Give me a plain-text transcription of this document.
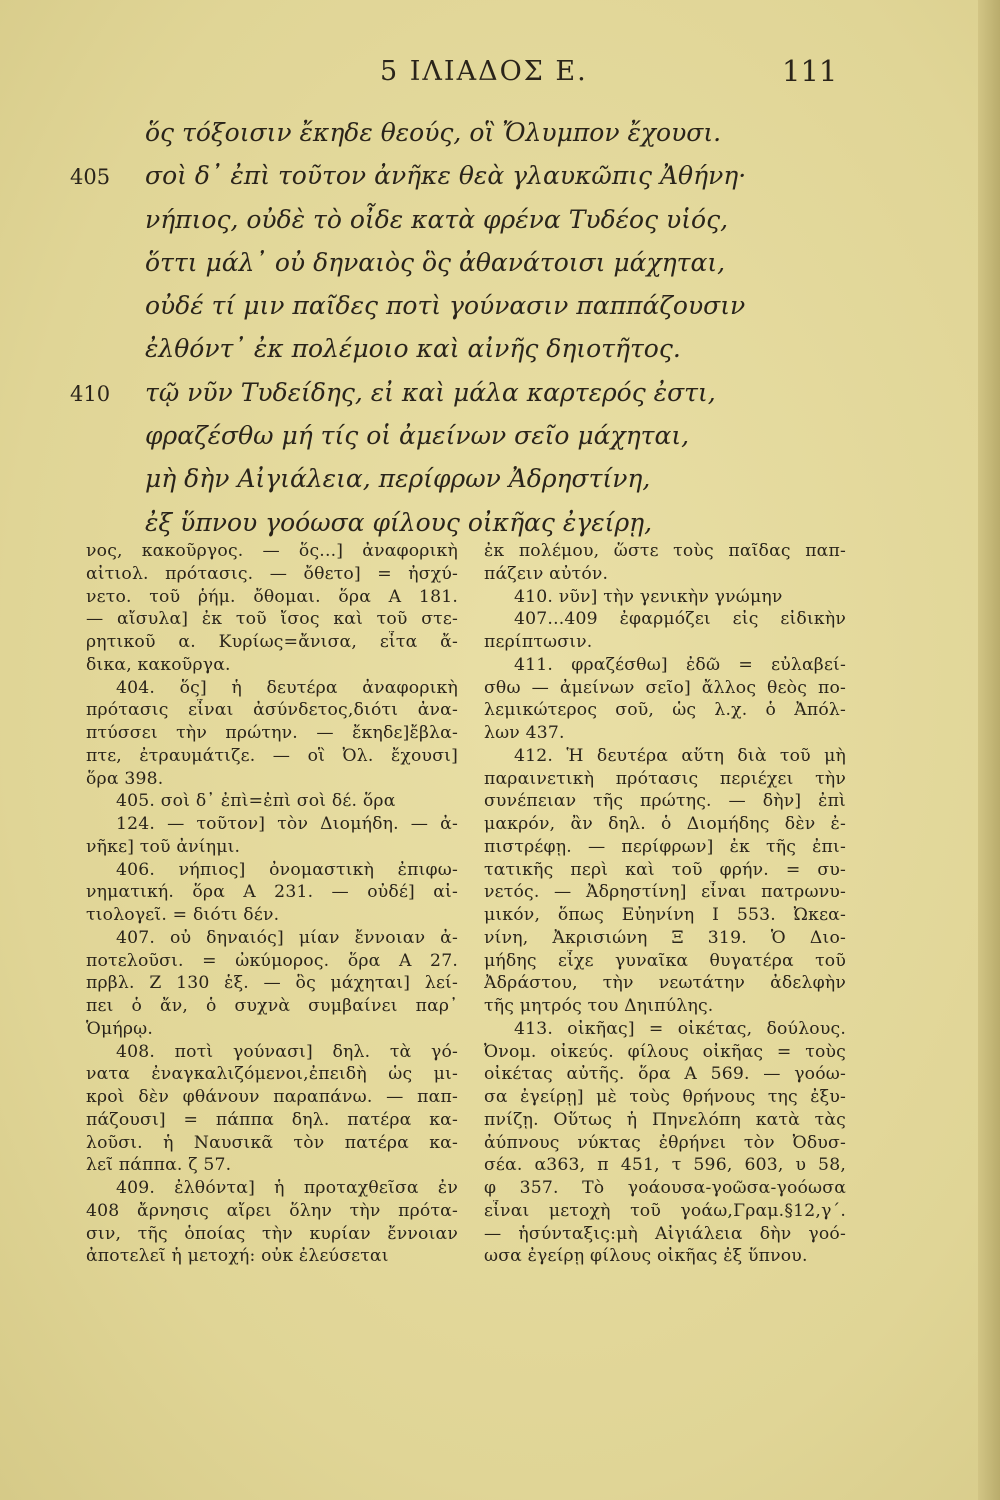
5 ΙΛΙΑΔΟΣ Ε.	111
ὅς τόξοισιν ἔκηδε θεούς, οἳ Ὄλυμπον ἔχουσι.
405	σοὶ δ᾽ ἐπὶ τοῦτον ἀνῆκε θεὰ γλαυκῶπις Ἀθήνη·
νήπιος, οὐδὲ τὸ οἶδε κατὰ φρένα Τυδέος υἱός,
ὅττι μάλ᾽ οὐ δηναιὸς ὃς ἀθανάτοισι μάχηται,
οὐδέ τί μιν παῖδες ποτὶ γούνασιν παππάζουσιν
ἐλθόντ᾽ ἐκ πολέμοιο καὶ αἰνῆς δηιοτῆτος.
410	τῷ νῦν Τυδείδης, εἰ καὶ μάλα καρτερός ἐστι,
φραζέσθω μή τίς οἱ ἀμείνων σεῖο μάχηται,
μὴ δὴν Αἰγιάλεια, περίφρων Ἀδρηστίνη,
ἐξ ὕπνου γοόωσα φίλους οἰκῆας ἐγείρῃ,
νος, κακοῦργος. — ὅς...] ἀναφορικὴ
αἰτιολ. πρότασις. — ὄθετο] = ἠσχύ-
νετο. τοῦ ῥήμ. ὄθομαι. ὅρα Α 181.
— αἴσυλα] ἐκ τοῦ ἴσος καὶ τοῦ στε-
ρητικοῦ α. Κυρίως=ἄνισα, εἶτα ἄ-
δικα, κακοῦργα.
404. ὅς] ἡ δευτέρα ἀναφορικὴ
πρότασις εἶναι ἀσύνδετος,διότι ἀνα-
πτύσσει τὴν πρώτην. — ἔκηδε]ἔβλα-
πτε, ἐτραυμάτιζε. — οἳ Ὀλ. ἔχουσι]
ὅρα 398.
405. σοὶ δ᾽ ἐπὶ=ἐπὶ σοὶ δέ. ὅρα
124. — τοῦτον] τὸν Διομήδη. — ἀ-
νῆκε] τοῦ ἀνίημι.
406. νήπιος] ὀνομαστικὴ ἐπιφω-
νηματική. ὅρα Α 231. — οὐδέ] αἰ-
τιολογεῖ. = διότι δέν.
407. οὐ δηναιός] μίαν ἔννοιαν ἀ-
ποτελοῦσι. = ὠκύμορος. ὅρα Α 27.
πρβλ. Ζ 130 ἑξ. — ὃς μάχηται] λεί-
πει ὁ ἄν, ὁ συχνὰ συμβαίνει παρ᾽
Ὁμήρῳ.
408. ποτὶ γούνασι] δηλ. τὰ γό-
νατα ἐναγκαλιζόμενοι,ἐπειδὴ ὡς μι-
κροὶ δὲν φθάνουν παραπάνω. — παπ-
πάζουσι] = πάππα δηλ. πατέρα κα-
λοῦσι. ἡ Ναυσικᾶ τὸν πατέρα κα-
λεῖ πάππα. ζ 57.
409. ἐλθόντα] ἡ προταχθεῖσα ἐν
408 ἄρνησις αἴρει ὅλην τὴν πρότα-
σιν, τῆς ὁποίας τὴν κυρίαν ἔννοιαν
ἀποτελεῖ ἡ μετοχή: οὐκ ἐλεύσεται
ἐκ πολέμου, ὥστε τοὺς παῖδας παπ-
πάζειν αὐτόν.
410. νῦν] τὴν γενικὴν γνώμην
407...409 ἐφαρμόζει εἰς εἰδικὴν
περίπτωσιν.
411. φραζέσθω] ἐδῶ = εὐλαβεί-
σθω — ἀμείνων σεῖο] ἄλλος θεὸς πο-
λεμικώτερος σοῦ, ὡς λ.χ. ὁ Ἀπόλ-
λων 437.
412. Ἡ δευτέρα αὕτη διὰ τοῦ μὴ
παραινετικὴ πρότασις περιέχει τὴν
συνέπειαν τῆς πρώτης. — δὴν] ἐπὶ
μακρόν, ἂν δηλ. ὁ Διομήδης δὲν ἐ-
πιστρέφῃ. — περίφρων] ἐκ τῆς ἐπι-
τατικῆς περὶ καὶ τοῦ φρήν. = συ-
νετός. — Ἀδρηστίνη] εἶναι πατρωνυ-
μικόν, ὅπως Εὐηνίνη Ι 553. Ὠκεα-
νίνη, Ἀκρισιώνη Ξ 319. Ὁ Διο-
μήδης εἶχε γυναῖκα θυγατέρα τοῦ
Ἀδράστου, τὴν νεωτάτην ἀδελφὴν
τῆς μητρός του Δηιπύλης.
413. οἰκῆας] = οἰκέτας, δούλους.
Ὀνομ. οἰκεύς. φίλους οἰκῆας = τοὺς
οἰκέτας αὐτῆς. ὅρα Α 569. — γοόω-
σα ἐγείρῃ] μὲ τοὺς θρήνους της ἐξυ-
πνίζῃ. Οὕτως ἡ Πηνελόπη κατὰ τὰς
ἀύπνους νύκτας ἐθρήνει τὸν Ὀδυσ-
σέα. α363, π 451, τ 596, 603, υ 58,
φ 357. Τὸ γοάουσα-γοῶσα-γοόωσα
εἶναι μετοχὴ τοῦ γοάω,Γραμ.§12,γ΄.
— ἡσύνταξις:μὴ Αἰγιάλεια δὴν γοό-
ωσα ἐγείρῃ φίλους οἰκῆας ἐξ ὕπνου.
